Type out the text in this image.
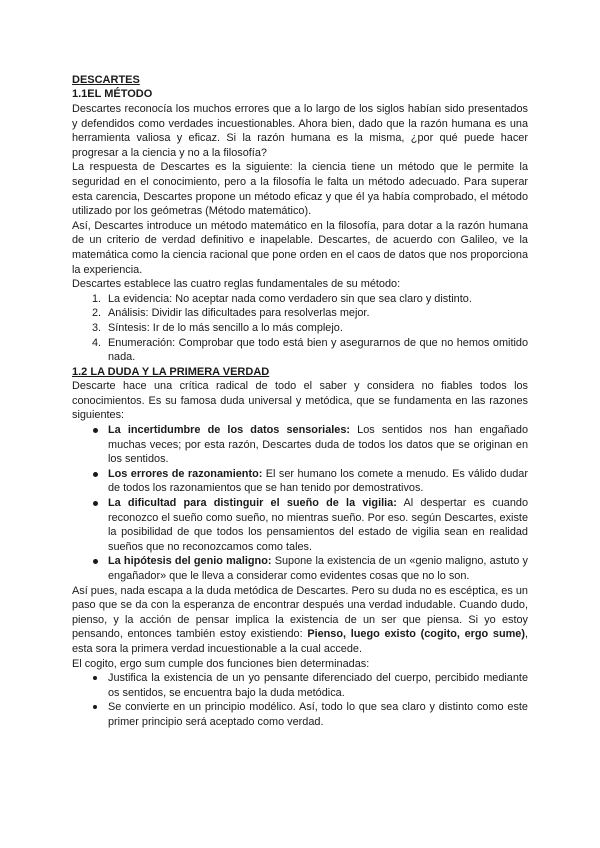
DESCARTES
1.1EL MÉTODO

Descartes reconocía los muchos errores que a lo largo de los siglos habían sido presentados y defendidos como verdades incuestionables. Ahora bien, dado que la razón humana es una herramienta valiosa y eficaz. Si la razón humana es la misma, ¿por qué puede hacer progresar a la ciencia y no a la filosofía?

La respuesta de Descartes es la siguiente: la ciencia tiene un método que le permite la seguridad en el conocimiento, pero a la filosofía le falta un método adecuado. Para superar esta carencia, Descartes propone un método eficaz y que él ya había comprobado, el método utilizado por los geómetras (Método matemático).

Así, Descartes introduce un método matemático en la filosofía, para dotar a la razón humana de un criterio de verdad definitivo e inapelable. Descartes, de acuerdo con Galileo, ve la matemática como la ciencia racional que pone orden en el caos de datos que nos proporciona la experiencia.

Descartes establece las cuatro reglas fundamentales de su método:

1. La evidencia: No aceptar nada como verdadero sin que sea claro y distinto.
2. Análisis: Dividir las dificultades para resolverlas mejor.
3. Síntesis: Ir de lo más sencillo a lo más complejo.
4. Enumeración: Comprobar que todo está bien y asegurarnos de que no hemos omitido nada.
1.2 LA DUDA Y LA PRIMERA VERDAD

Descarte hace una crítica radical de todo el saber y considera no fiables todos los conocimientos. Es su famosa duda universal y metódica, que se fundamenta en las razones siguientes:

La incertidumbre de los datos sensoriales: Los sentidos nos han engañado muchas veces; por esta razón, Descartes duda de todos los datos que se originan en los sentidos.
Los errores de razonamiento: El ser humano los comete a menudo. Es válido dudar de todos los razonamientos que se han tenido por demostrativos.
La dificultad para distinguir el sueño de la vigilia: Al despertar es cuando reconozco el sueño como sueño, no mientras sueño. Por eso. según Descartes, existe la posibilidad de que todos los pensamientos del estado de vigilia sean en realidad sueños que no reconozcamos como tales.
La hipótesis del genio maligno: Supone la existencia de un «genio maligno, astuto y engañador» que le lleva a considerar como evidentes cosas que no lo son.

Así pues, nada escapa a la duda metódica de Descartes. Pero su duda no es escéptica, es un paso que se da con la esperanza de encontrar después una verdad indudable. Cuando dudo, pienso, y la acción de pensar implica la existencia de un ser que piensa. Si yo estoy pensando, entonces también estoy existiendo: Pienso, luego existo (cogito, ergo sume), esta sora la primera verdad incuestionable a la cual accede.

El cogito, ergo sum cumple dos funciones bien determinadas:

Justifica la existencia de un yo pensante diferenciado del cuerpo, percibido mediante os sentidos, se encuentra bajo la duda metódica.
Se convierte en un principio modélico. Así, todo lo que sea claro y distinto como este primer principio será aceptado como verdad.
